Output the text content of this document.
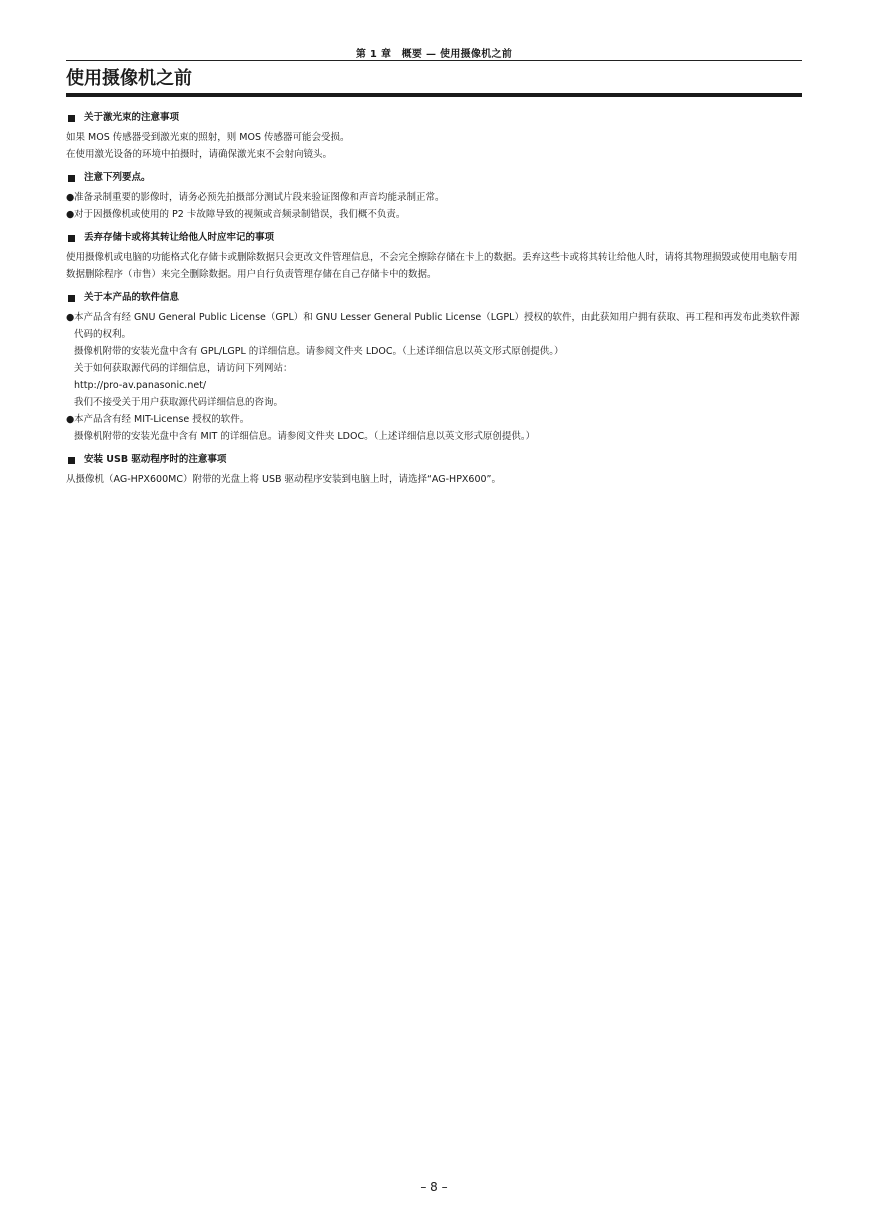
第 1 章　概要 — 使用摄像机之前
使用摄像机之前
关于激光束的注意事项

如果 MOS 传感器受到激光束的照射，则 MOS 传感器可能会受损。

在使用激光设备的环境中拍摄时，请确保激光束不会射向镜头。

注意下列要点。

● 准备录制重要的影像时，请务必预先拍摄部分测试片段来验证图像和声音均能录制正常。

● 对于因摄像机或使用的 P2 卡故障导致的视频或音频录制错误，我们概不负责。

丢弃存储卡或将其转让给他人时应牢记的事项

使用摄像机或电脑的功能格式化存储卡或删除数据只会更改文件管理信息，不会完全擦除存储在卡上的数据。丢弃这些卡或将其转让给他人时，请将其物理损毁或使用电脑专用数据删除程序（市售）来完全删除数据。用户自行负责管理存储在自己存储卡中的数据。

关于本产品的软件信息

● 本产品含有经 GNU General Public License（GPL）和 GNU Lesser General Public License（LGPL）授权的软件，由此获知用户拥有获取、再工程和再发布此类软件源代码的权利。

摄像机附带的安装光盘中含有 GPL/LGPL 的详细信息。请参阅文件夹 LDOC。（上述详细信息以英文形式原创提供。）

关于如何获取源代码的详细信息，请访问下列网站：

http://pro-av.panasonic.net/

我们不接受关于用户获取源代码详细信息的咨询。

● 本产品含有经 MIT-License 授权的软件。

摄像机附带的安装光盘中含有 MIT 的详细信息。请参阅文件夹 LDOC。（上述详细信息以英文形式原创提供。）

安装 USB 驱动程序时的注意事项

从摄像机（AG-HPX600MC）附带的光盘上将 USB 驱动程序安装到电脑上时，请选择“AG-HPX600”。

– 8 –
